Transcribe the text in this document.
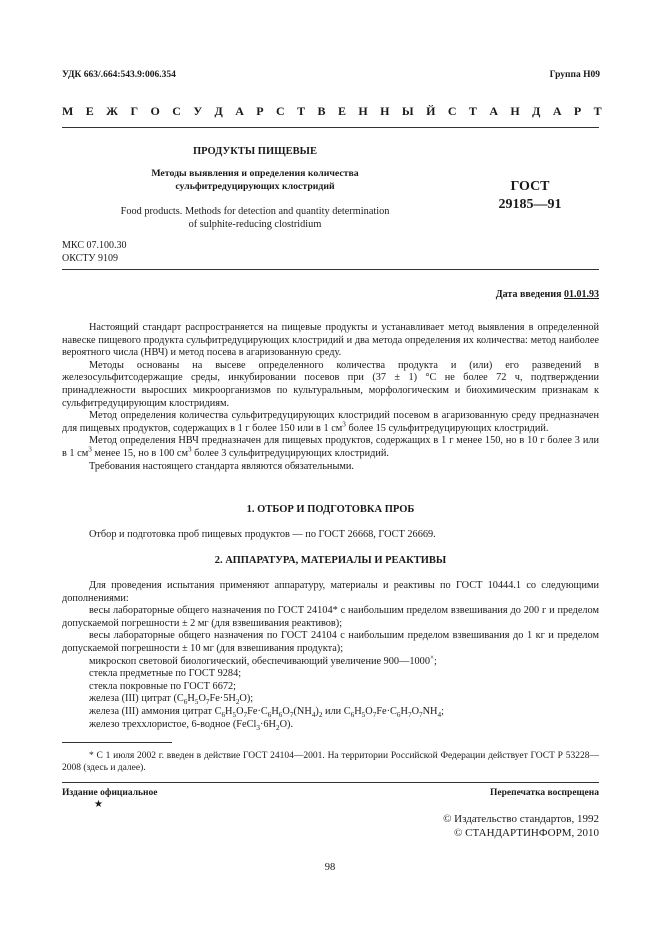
УДК 663/.664:543.9:006.354	Группа Н09
М Е Ж Г О С У Д А Р С Т В Е Н Н Ы Й С Т А Н Д А Р Т
ПРОДУКТЫ ПИЩЕВЫЕ
Методы выявления и определения количества
сульфитредуцирующих клостридий
Food products. Methods for detection and quantity determination
of sulphite-reducing clostridium
ГОСТ
29185—91
МКС 07.100.30
ОКСТУ 9109
Дата введения 01.01.93

Настоящий стандарт распространяется на пищевые продукты и устанавливает метод выявления в определенной навеске пищевого продукта сульфитредуцирующих клостридий и два метода определения их количества: метод наиболее вероятного числа (НВЧ) и метод посева в агаризованную среду.

Методы основаны на высеве определенного количества продукта и (или) его разведений в железосульфитсодержащие среды, инкубировании посевов при (37 ± 1) °С не более 72 ч, подтверждении принадлежности выросших микроорганизмов по культуральным, морфологическим и биохимическим признакам к сульфитредуцирующим клостридиям.

Метод определения количества сульфитредуцирующих клостридий посевом в агаризованную среду предназначен для пищевых продуктов, содержащих в 1 г более 150 или в 1 $см^3$ более 15 сульфитредуцирующих клостридий.

Метод определения НВЧ предназначен для пищевых продуктов, содержащих в 1 г менее 150, но в 10 г более 3 или в 1 $см^3$ менее 15, но в 100 $см^3$ более 3 сульфитредуцирующих клостридий.

Требования настоящего стандарта являются обязательными.

1. ОТБОР И ПОДГОТОВКА ПРОБ

Отбор и подготовка проб пищевых продуктов — по ГОСТ 26668, ГОСТ 26669.

2. АППАРАТУРА, МАТЕРИАЛЫ И РЕАКТИВЫ

Для проведения испытания применяют аппаратуру, материалы и реактивы по ГОСТ 10444.1 со следующими дополнениями:

весы лабораторные общего назначения по ГОСТ 24104* с наибольшим пределом взвешивания до 200 г и пределом допускаемой погрешности ± 2 мг (для взвешивания реактивов);

весы лабораторные общего назначения по ГОСТ 24104 с наибольшим пределом взвешивания до 1 кг и пределом допускаемой погрешности ± 10 мг (для взвешивания продукта);

микроскоп световой биологический, обеспечивающий увеличение 900—1000×;

стекла предметные по ГОСТ 9284;

стекла покровные по ГОСТ 6672;

железа (III) цитрат $(C_6H_5O_7Fe\cdot 5H_2O)$;

железа (III) аммония цитрат $C_6H_5O_7Fe\cdot C_6H_6O_7(NH_4)_2$ или $C_6H_5O_7Fe\cdot C_6H_7O_7NH_4$;

железо треххлористое, 6-водное $(FeCl_3\cdot 6H_2O)$.

* С 1 июля 2002 г. введен в действие ГОСТ 24104—2001. На территории Российской Федерации действует ГОСТ Р 53228—2008 (здесь и далее).

Издание официальное
★
Перепечатка воспрещена
© Издательство стандартов, 1992
© СТАНДАРТИНФОРМ, 2010
98
